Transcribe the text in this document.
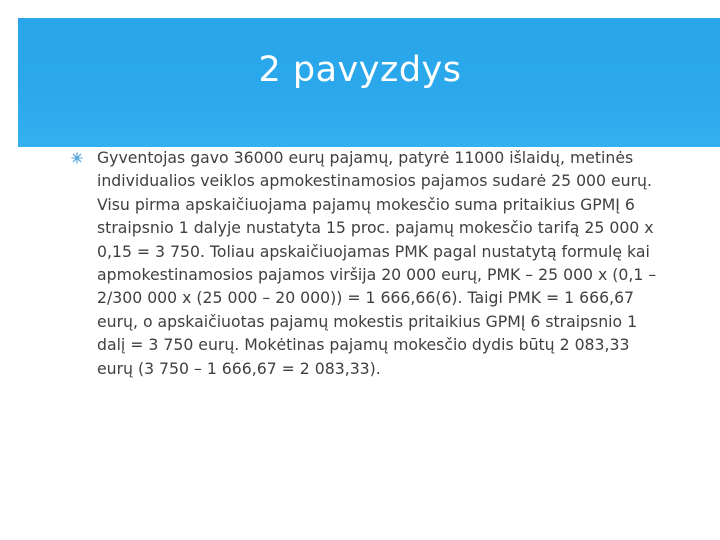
2 pavyzdys
Gyventojas gavo 36000 eurų pajamų, patyrė 11000 išlaidų, metinės individualios veiklos apmokestinamosios pajamos sudarė 25 000 eurų. Visu pirma apskaičiuojama pajamų mokesčio suma pritaikius GPMĮ 6 straipsnio 1 dalyje nustatyta 15 proc. pajamų mokesčio tarifą 25 000 x 0,15 = 3 750. Toliau apskaičiuojamas PMK pagal nustatytą formulę kai apmokestinamosios pajamos viršija 20 000 eurų, PMK – 25 000 x (0,1 – 2/300 000 x (25 000 – 20 000)) = 1 666,66(6). Taigi PMK = 1 666,67 eurų, o apskaičiuotas pajamų mokestis pritaikius GPMĮ 6 straipsnio 1 dalį = 3 750 eurų. Mokėtinas pajamų mokesčio dydis būtų 2 083,33 eurų (3 750 – 1 666,67 = 2 083,33).
